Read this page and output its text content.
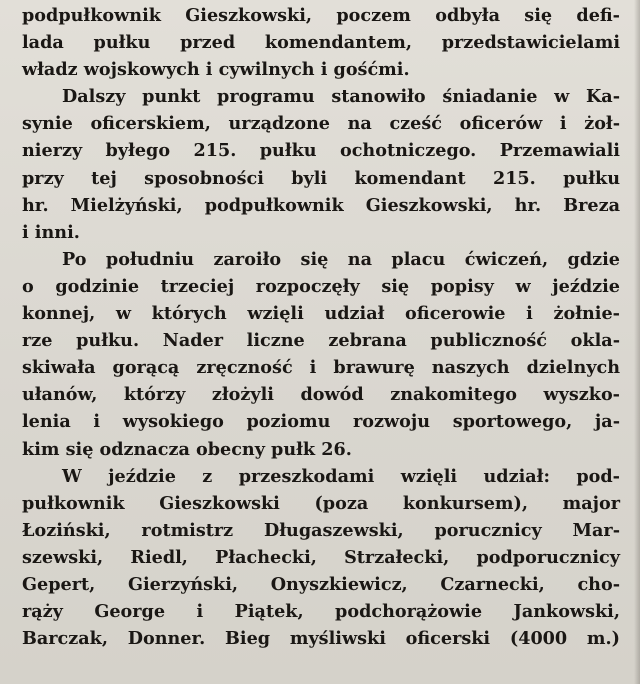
podpułkownik Gieszkowski, poczem odbyła się defi-
lada pułku przed komendantem, przedstawicielami
władz wojskowych i cywilnych i gośćmi.
Dalszy punkt programu stanowiło śniadanie w Ka-
synie oficerskiem, urządzone na cześć oficerów i żoł-
nierzy byłego 215. pułku ochotniczego. Przemawiali
przy tej sposobności byli komendant 215. pułku
hr. Mielżyński, podpułkownik Gieszkowski, hr. Breza
i inni.
Po południu zaroiło się na placu ćwiczeń, gdzie
o godzinie trzeciej rozpoczęły się popisy w jeździe
konnej, w których wzięli udział oficerowie i żołnie-
rze pułku. Nader liczne zebrana publiczność okla-
skiwała gorącą zręczność i brawurę naszych dzielnych
ułanów, którzy złożyli dowód znakomitego wyszko-
lenia i wysokiego poziomu rozwoju sportowego, ja-
kim się odznacza obecny pułk 26.
W jeździe z przeszkodami wzięli udział: pod-
pułkownik Gieszkowski (poza konkursem), major
Łoziński, rotmistrz Długaszewski, porucznicy Mar-
szewski, Riedl, Płachecki, Strzałecki, podporucznicy
Gepert, Gierzyński, Onyszkiewicz, Czarnecki, cho-
rąży George i Piątek, podchorążowie Jankowski,
Barczak, Donner. Bieg myśliwski oficerski (4000 m.)
